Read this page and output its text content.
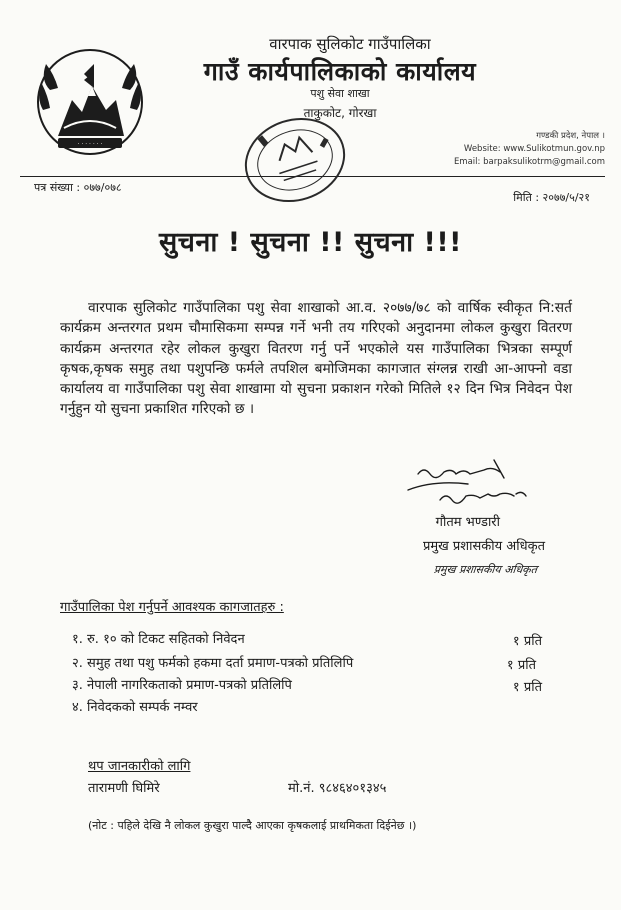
· · · · · · ·
वारपाक सुलिकोट गाउँपालिका
गाउँ कार्यपालिकाको कार्यालय
पशु सेवा शाखा
ताकुकोट, गोरखा
गण्डकी प्रदेश, नेपाल ।
Website: www.Sulikotmun.gov.np
Email: barpaksulikotrm@gmail.com
पत्र संख्या : ०७७/०७८
मिति : २०७७/५/२१
सुचना ! सुचना !! सुचना !!!
वारपाक सुलिकोट गाउँपालिका पशु सेवा शाखाको आ.व. २०७७/७८ को वार्षिक स्वीकृत नि:सर्त कार्यक्रम अन्तरगत प्रथम चौमासिकमा सम्पन्न गर्ने भनी तय गरिएको अनुदानमा लोकल कुखुरा वितरण कार्यक्रम अन्तरगत रहेर लोकल कुखुरा वितरण गर्नु पर्ने भएकोले यस गाउँपालिका भित्रका सम्पूर्ण कृषक,कृषक समुह तथा पशुपन्छि फर्मले तपशिल बमोजिमका कागजात संग्लन्न राखी आ-आफ्नो वडा कार्यालय वा गाउँपालिका पशु सेवा शाखामा यो सुचना प्रकाशन गरेको मितिले १२ दिन भित्र निवेदन पेश गर्नुहुन यो सुचना प्रकाशित गरिएको छ ।
गौतम भण्डारी
प्रमुख प्रशासकीय अधिकृत
प्रमुख प्रशासकीय अधिकृत
गाउँपालिका पेश गर्नुपर्ने आवश्यक कागजातहरु :
१. रु. १० को टिकट सहितको निवेदन	१ प्रति
२. समुह तथा पशु फर्मको हकमा दर्ता प्रमाण-पत्रको प्रतिलिपि	१ प्रति
३. नेपाली नागरिकताको प्रमाण-पत्रको प्रतिलिपि	१ प्रति
४. निवेदकको सम्पर्क नम्वर
थप जानकारीको लागि
तारामणी घिमिरे	मो.नं. ९८४६४०१३४५
(नोट : पहिले देखि नै लोकल कुखुरा पाल्दैै आएका कृषकलाई प्राथमिकता दिईनेछ ।)
